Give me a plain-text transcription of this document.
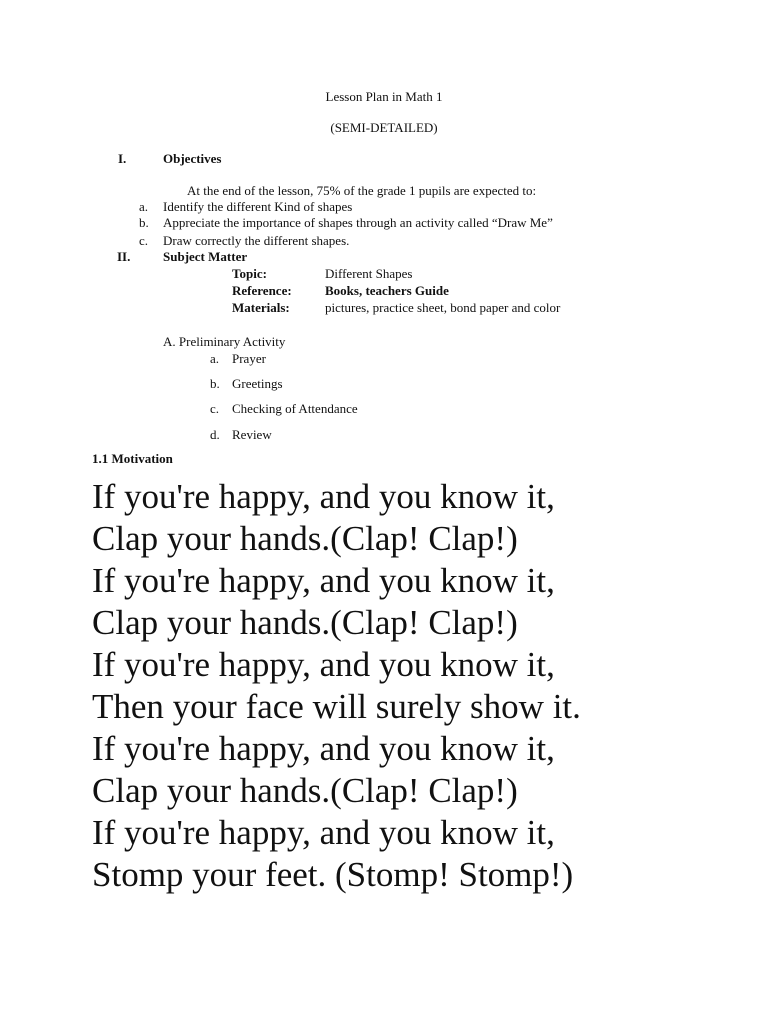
Lesson Plan in Math 1
(SEMI-DETAILED)
I.	Objectives
At the end of the lesson, 75% of the grade 1 pupils are expected to:
a. Identify the different Kind of shapes
b. Appreciate the importance of shapes through an activity called “Draw Me”
c. Draw correctly the different shapes.
II.	Subject Matter
Topic:	Different Shapes
Reference:	Books, teachers Guide
Materials:	pictures, practice sheet, bond paper and color
A. Preliminary Activity
a. Prayer
b. Greetings
c. Checking of Attendance
d. Review
1.1 Motivation
If you're happy, and you know it,
Clap your hands.(Clap! Clap!)
If you're happy, and you know it,
Clap your hands.(Clap! Clap!)
If you're happy, and you know it,
Then your face will surely show it.
If you're happy, and you know it,
Clap your hands.(Clap! Clap!)
If you're happy, and you know it,
Stomp your feet. (Stomp! Stomp!)
